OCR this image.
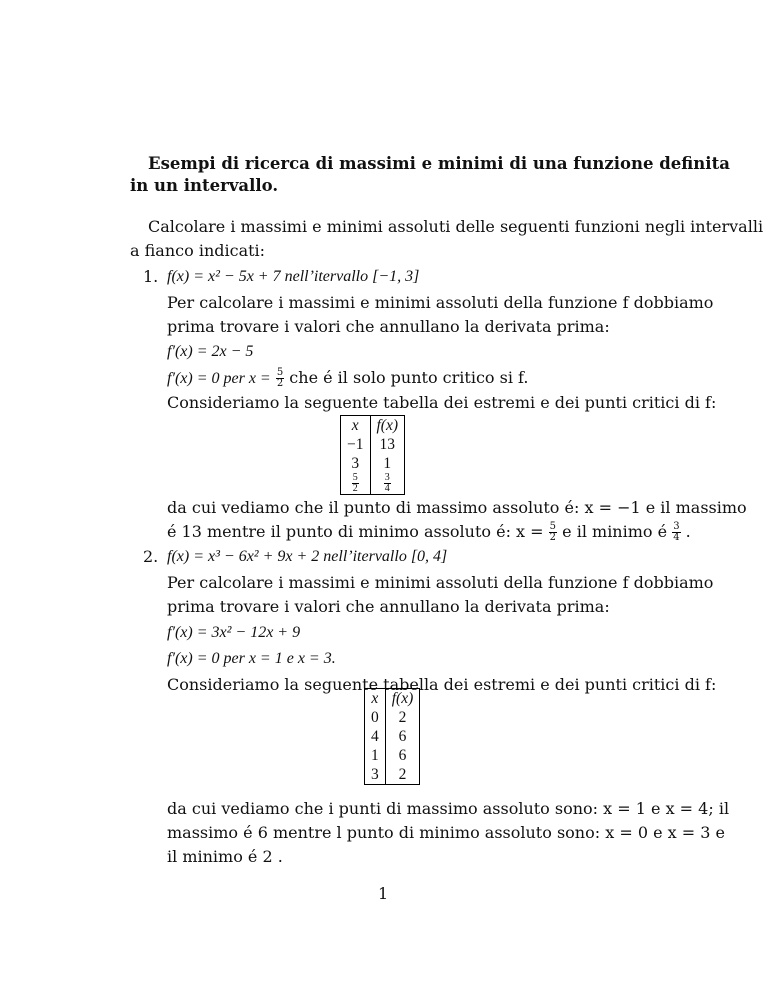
Esempi di ricerca di massimi e minimi di una funzione definita
in un intervallo.
Calcolare i massimi e minimi assoluti delle seguenti funzioni negli intervalli
a fianco indicati:
1. f(x) = x² − 5x + 7 nell’itervallo [−1, 3]
Per calcolare i massimi e minimi assoluti della funzione f dobbiamo
prima trovare i valori che annullano la derivata prima:
f′(x) = 2x − 5
f′(x) = 0 per $x = \frac{5}{2}$ che é il solo punto critico si f.
Consideriamo la seguente tabella dei estremi e dei punti critici di f:
x	f(x)
−1	13
3	1

$\frac{5}{2}$	$\frac{3}{4}$
da cui vediamo che il punto di massimo assoluto é: x = −1 e il massimo
é 13 mentre il punto di minimo assoluto é: $x = \frac{5}{2}$ e il minimo é $\frac{3}{4}$ .
2. f(x) = x³ − 6x² + 9x + 2 nell’itervallo [0, 4]
Per calcolare i massimi e minimi assoluti della funzione f dobbiamo
prima trovare i valori che annullano la derivata prima:
f′(x) = 3x² − 12x + 9
f′(x) = 0 per x = 1 e x = 3.
Consideriamo la seguente tabella dei estremi e dei punti critici di f:
x	f(x)
0	2
4	6
1	6
3	2
da cui vediamo che i punti di massimo assoluto sono: x = 1 e x = 4; il
massimo é 6 mentre l punto di minimo assoluto sono: x = 0 e x = 3 e
il minimo é 2 .
1
